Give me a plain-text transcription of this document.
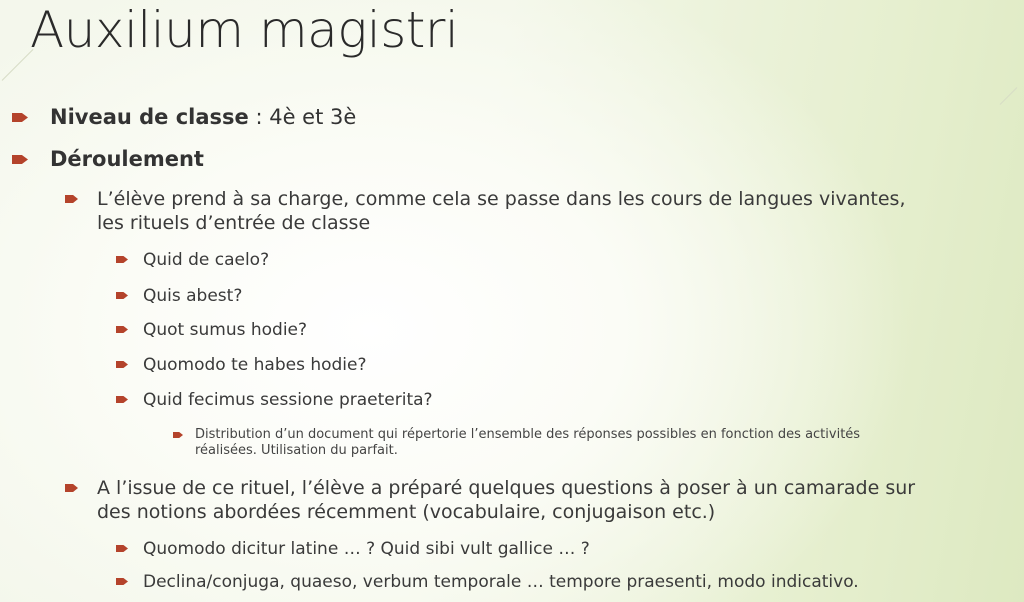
Auxilium magistri
Niveau de classe : 4è et 3è
Déroulement
L’élève prend à sa charge, comme cela se passe dans les cours de langues vivantes,
les rituels d’entrée de classe
Quid de caelo?
Quis abest?
Quot sumus hodie?
Quomodo te habes hodie?
Quid fecimus sessione praeterita?
Distribution d’un document qui répertorie l’ensemble des réponses possibles en fonction des activités
réalisées. Utilisation du parfait.
A l’issue de ce rituel, l’élève a préparé quelques questions à poser à un camarade sur
des notions abordées récemment (vocabulaire, conjugaison etc.)
Quomodo dicitur latine … ? Quid sibi vult gallice … ?
Declina/conjuga, quaeso, verbum temporale … tempore praesenti, modo indicativo.
